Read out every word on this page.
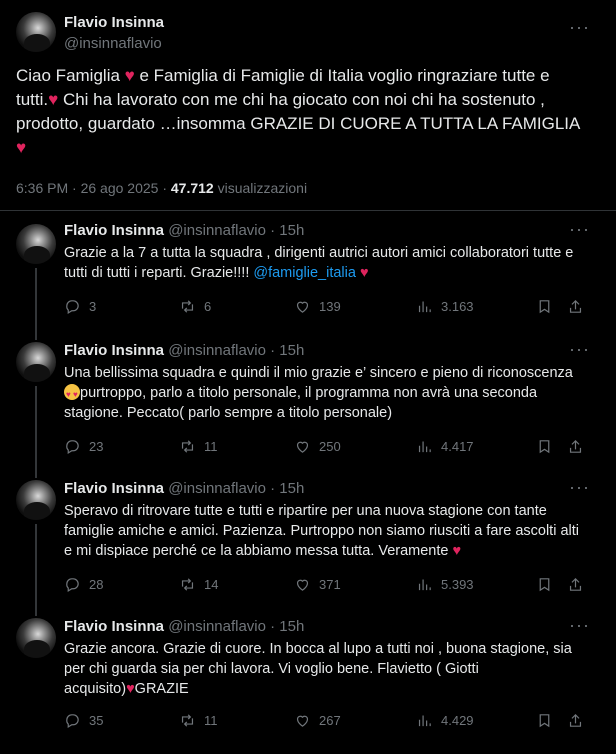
Flavio Insinna
@insinnaflavio
···
Ciao Famiglia ♥ e Famiglia di Famiglie di Italia voglio ringraziare tutte e tutti.♥ Chi ha lavorato con me chi ha giocato con noi chi ha sostenuto , prodotto, guardato …insomma GRAZIE DI CUORE A TUTTA LA FAMIGLIA
♥
6:36 PM · 26 ago 2025 · 47.712 visualizzazioni
Flavio Insinna @insinnaflavio · 15h	···
Grazie a la 7 a tutta la squadra , dirigenti autrici autori amici collaboratori tutte e tutti di tutti i reparti. Grazie!!!! @famiglie_italia ♥
3	6	139	3.163
Flavio Insinna @insinnaflavio · 15h	···
Una bellissima squadra e quindi il mio grazie e’ sincero e pieno di riconoscenza ♥ ♥purtroppo, parlo a titolo personale, il programma non avrà una seconda stagione. Peccato( parlo sempre a titolo personale)
23	11	250	4.417
Flavio Insinna @insinnaflavio · 15h	···
Speravo di ritrovare tutte e tutti e ripartire per una nuova stagione con tante famiglie amiche e amici. Pazienza. Purtroppo non siamo riusciti a fare ascolti alti e mi dispiace perché ce la abbiamo messa tutta. Veramente ♥
28	14	371	5.393
Flavio Insinna @insinnaflavio · 15h	···
Grazie ancora. Grazie di cuore. In bocca al lupo a tutti noi , buona stagione, sia per chi guarda sia per chi lavora. Vi voglio bene. Flavietto ( Giotti acquisito)♥GRAZIE
35	11	267	4.429
